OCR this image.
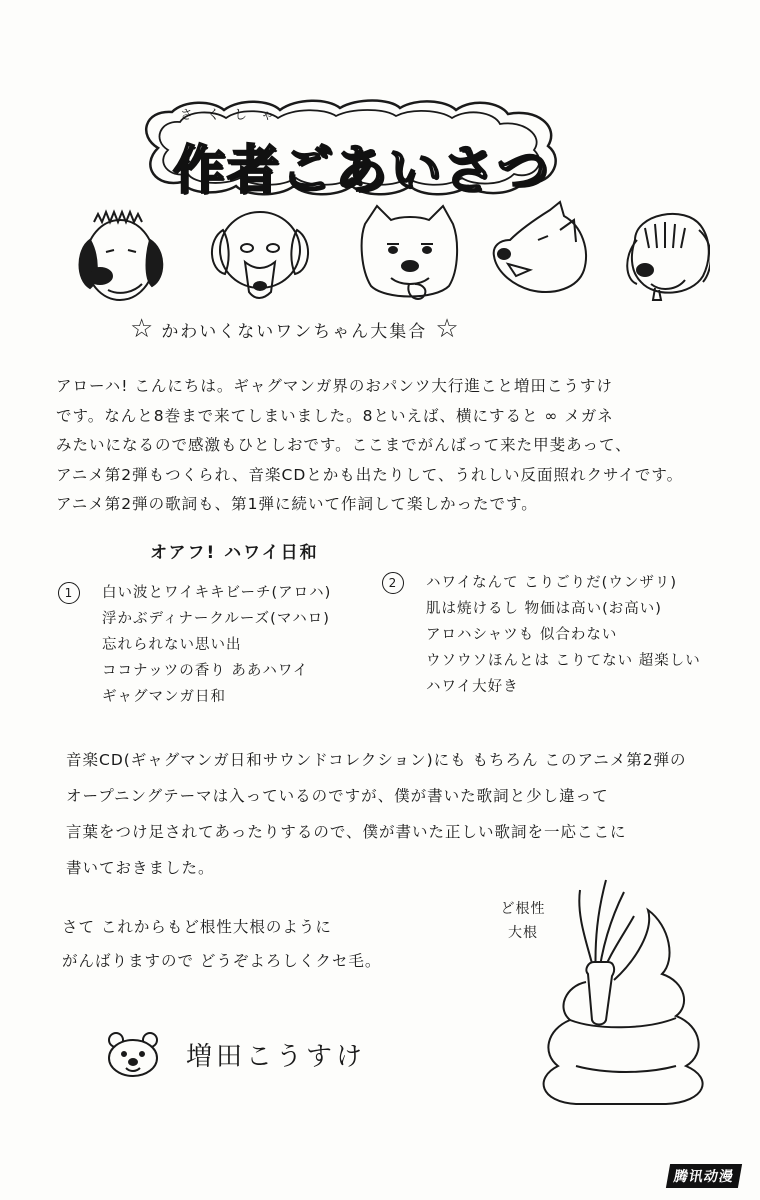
さくしゃ
作者ごあいさつ
☆ かわいくないワンちゃん大集合 ☆

アローハ! こんにちは。ギャグマンガ界のおパンツ大行進こと増田こうすけ

です。なんと8巻まで来てしまいました。8といえば、横にすると ∞ メガネ

みたいになるので感激もひとしおです。ここまでがんばって来た甲斐あって、

アニメ第2弾もつくられ、音楽CDとかも出たりして、うれしい反面照れクサイです。

アニメ第2弾の歌詞も、第1弾に続いて作詞して楽しかったです。

オアフ! ハワイ日和
1	白い波とワイキキビーチ(アロハ)
浮かぶディナークルーズ(マハロ)
忘れられない思い出
ココナッツの香り ああハワイ
ギャグマンガ日和
2	ハワイなんて こりごりだ(ウンザリ)
肌は焼けるし 物価は高い(お高い)
アロハシャツも 似合わない
ウソウソほんとは こりてない 超楽しい
ハワイ大好き

音楽CD(ギャグマンガ日和サウンドコレクション)にも もちろん このアニメ第2弾の

オープニングテーマは入っているのですが、僕が書いた歌詞と少し違って

言葉をつけ足されてあったりするので、僕が書いた正しい歌詞を一応ここに

書いておきました。

さて これからもど根性大根のように

がんばりますので どうぞよろしくクセ毛。

ど根性
大根
増田こうすけ
腾讯动漫
